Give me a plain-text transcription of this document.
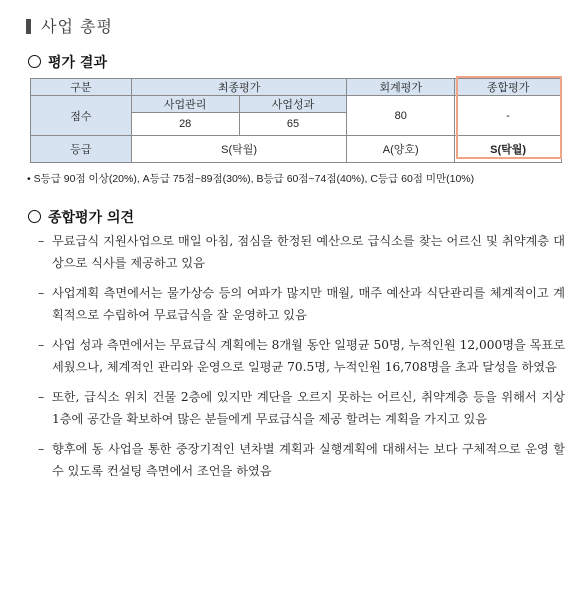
사업 총평
평가 결과
구분	최종평가		회계평가	종합평가
점수	사업관리	사업성과	80	-
	28	65		
등급	S(탁월)		A(양호)	S(탁월)
• S등급 90점 이상(20%), A등급 75점~89점(30%), B등급 60점~74점(40%), C등급 60점 미만(10%)
종합평가 의견
– 무료급식 지원사업으로 매일 아침, 점심을 한정된 예산으로 급식소를 찾는 어르신 및 취약계층 대상으로 식사를 제공하고 있음
– 사업계획 측면에서는 물가상승 등의 여파가 많지만 매월, 매주 예산과 식단관리를 체계적이고 계획적으로 수립하여 무료급식을 잘 운영하고 있음
– 사업 성과 측면에서는 무료급식 계획에는 8개월 동안 일평균 50명, 누적인원 12,000명을 목표로 세웠으나, 체계적인 관리와 운영으로 일평균 70.5명, 누적인원 16,708명을 초과 달성을 하였음
– 또한, 급식소 위치 건물 2층에 있지만 계단을 오르지 못하는 어르신, 취약계층 등을 위해서 지상 1층에 공간을 확보하여 많은 분들에게 무료급식을 제공 할려는 계획을 가지고 있음
– 향후에 동 사업을 통한 중장기적인 년차별 계획과 실행계획에 대해서는 보다 구체적으로 운영 할 수 있도록 컨설팅 측면에서 조언을 하였음
